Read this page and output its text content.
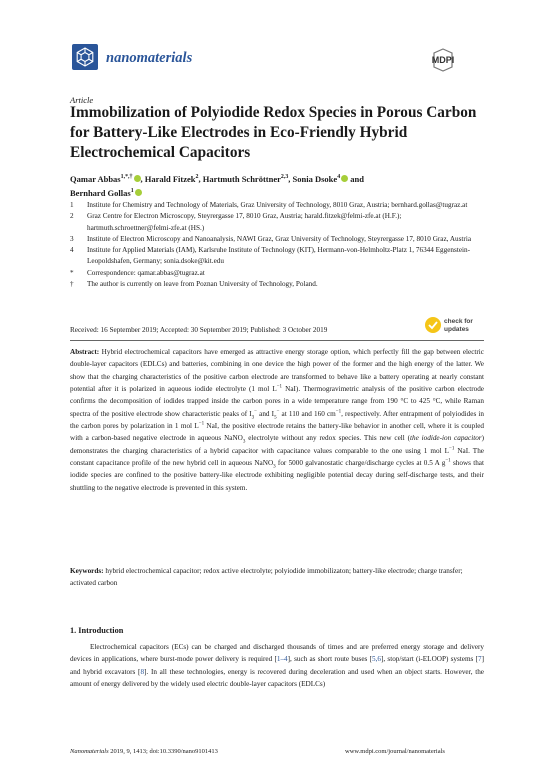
nanomaterials	MDPI
Article
Immobilization of Polyiodide Redox Species in Porous Carbon for Battery-Like Electrodes in Eco-Friendly Hybrid Electrochemical Capacitors
Qamar Abbas$^{1,*,\dagger}$ , Harald Fitzek$^2$, Hartmuth Schröttner$^{2,3}$, Sonia Dsoke$^4$ and
Bernhard Gollas$^1$
1	Institute for Chemistry and Technology of Materials, Graz University of Technology, 8010 Graz, Austria; bernhard.gollas@tugraz.at
2	Graz Centre for Electron Microscopy, Steyrergasse 17, 8010 Graz, Austria; harald.fitzek@felmi-zfe.at (H.F.); hartmuth.schroettner@felmi-zfe.at (HS.)
3	Institute of Electron Microscopy and Nanoanalysis, NAWI Graz, Graz University of Technology, Steyrergasse 17, 8010 Graz, Austria
4	Institute for Applied Materials (IAM), Karlsruhe Institute of Technology (KIT), Hermann-von-Helmholtz-Platz 1, 76344 Eggenstein-Leopoldshafen, Germany; sonia.dsoke@kit.edu
*	Correspondence: qamar.abbas@tugraz.at
†	The author is currently on leave from Poznan University of Technology, Poland.
check for
updates
Received: 16 September 2019; Accepted: 30 September 2019; Published: 3 October 2019
Abstract: Hybrid electrochemical capacitors have emerged as attractive energy storage option, which perfectly fill the gap between electric double-layer capacitors (EDLCs) and batteries, combining in one device the high power of the former and the high energy of the latter. We show that the charging characteristics of the positive carbon electrode are transformed to behave like a battery operating at nearly constant potential after it is polarized in aqueous iodide electrolyte (1 mol $L^{-1}$ NaI). Thermogravimetric analysis of the positive carbon electrode confirms the decomposition of iodides trapped inside the carbon pores in a wide temperature range from 190 °C to 425 °C, while Raman spectra of the positive electrode show characteristic peaks of $I_3^-$ and $I_5^-$ at 110 and 160 $cm^{-1}$, respectively. After entrapment of polyiodides in the carbon pores by polarization in 1 mol $L^{-1}$ NaI, the positive electrode retains the battery-like behavior in another cell, where it is coupled with a carbon-based negative electrode in aqueous NaNO$_3$ electrolyte without any redox species. This new cell (the iodide-ion capacitor) demonstrates the charging characteristics of a hybrid capacitor with capacitance values comparable to the one using 1 mol $L^{-1}$ NaI. The constant capacitance profile of the new hybrid cell in aqueous NaNO$_3$ for 5000 galvanostatic charge/discharge cycles at 0.5 A $g^{-1}$ shows that iodide species are confined to the positive battery-like electrode exhibiting negligible potential decay during self-discharge tests, and their shuttling to the negative electrode is prevented in this system.
Keywords: hybrid electrochemical capacitor; redox active electrolyte; polyiodide immobilizaton; battery-like electrode; charge transfer; activated carbon
1. Introduction
Electrochemical capacitors (ECs) can be charged and discharged thousands of times and are preferred energy storage and delivery devices in applications, where burst-mode power delivery is required [1–4], such as short route buses [5,6], stop/start (i-ELOOP) systems [7] and hybrid excavators [8]. In all these technologies, energy is recovered during deceleration and used when an object starts. However, the amount of energy delivered by the widely used electric double-layer capacitors (EDLCs)
Nanomaterials 2019, 9, 1413; doi:10.3390/nano9101413	www.mdpi.com/journal/nanomaterials
